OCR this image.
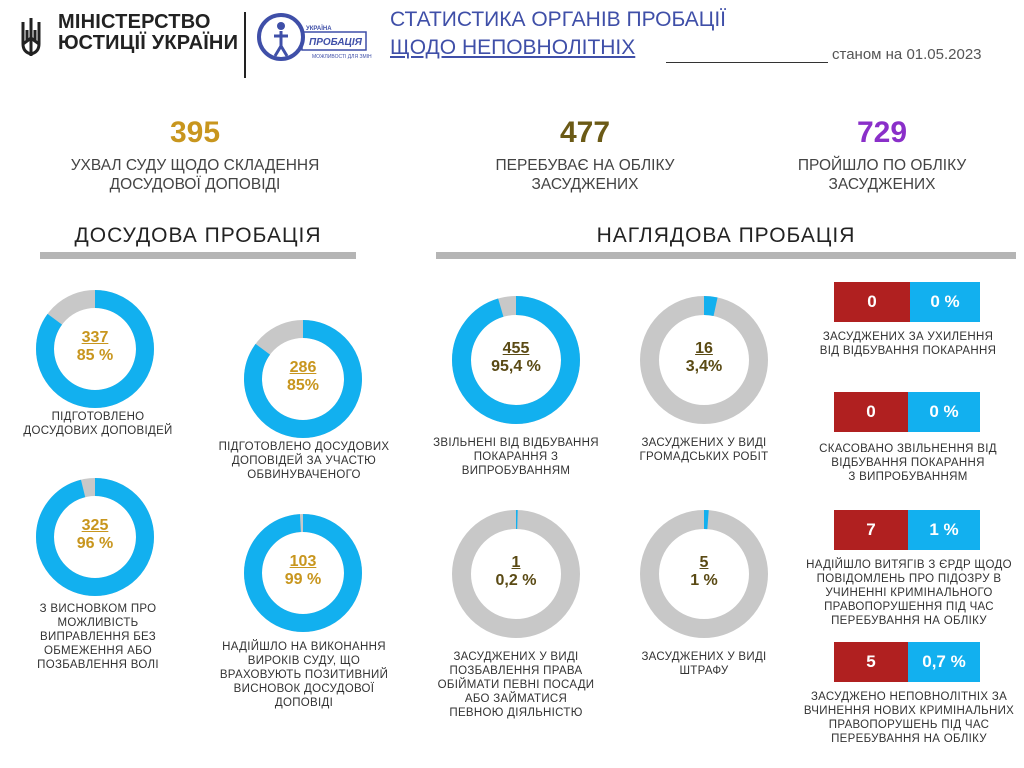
МІНІСТЕРСТВО
ЮСТИЦІЇ УКРАЇНИ
УКРАЇНА
ПРОБАЦІЯ
МОЖЛИВОСТІ ДЛЯ ЗМІН
СТАТИСТИКА ОРГАНІВ ПРОБАЦІЇ
ЩОДО НЕПОВНОЛІТНІХ	станом на 01.05.2023
395
УХВАЛ СУДУ ЩОДО СКЛАДЕННЯ
ДОСУДОВОЇ ДОПОВІДІ
477
ПЕРЕБУВАЄ НА ОБЛІКУ
ЗАСУДЖЕНИХ
729
ПРОЙШЛО ПО ОБЛІКУ
ЗАСУДЖЕНИХ
ДОСУДОВА ПРОБАЦІЯ	НАГЛЯДОВА ПРОБАЦІЯ
337
85 %
ПІДГОТОВЛЕНО
ДОСУДОВИХ ДОПОВІДЕЙ
286
85%
ПІДГОТОВЛЕНО ДОСУДОВИХ
ДОПОВІДЕЙ ЗА УЧАСТЮ
ОБВИНУВАЧЕНОГО
325
96 %
З ВИСНОВКОМ ПРО
МОЖЛИВІСТЬ
ВИПРАВЛЕННЯ БЕЗ
ОБМЕЖЕННЯ АБО
ПОЗБАВЛЕННЯ ВОЛІ
103
99 %
НАДІЙШЛО НА ВИКОНАННЯ
ВИРОКІВ СУДУ, ЩО
ВРАХОВУЮТЬ ПОЗИТИВНИЙ
ВИСНОВОК ДОСУДОВОЇ
ДОПОВІДІ
455
95,4 %
ЗВІЛЬНЕНІ ВІД ВІДБУВАННЯ
ПОКАРАННЯ З
ВИПРОБУВАННЯМ
16
3,4%
ЗАСУДЖЕНИХ У ВИДІ
ГРОМАДСЬКИХ РОБІТ
1
0,2 %
ЗАСУДЖЕНИХ У ВИДІ
ПОЗБАВЛЕННЯ ПРАВА
ОБІЙМАТИ ПЕВНІ ПОСАДИ
АБО ЗАЙМАТИСЯ
ПЕВНОЮ ДІЯЛЬНІСТЮ
5
1 %
ЗАСУДЖЕНИХ У ВИДІ
ШТРАФУ
0	0 %
ЗАСУДЖЕНИХ ЗА УХИЛЕННЯ
ВІД ВІДБУВАННЯ ПОКАРАННЯ
0	0 %
СКАСОВАНО ЗВІЛЬНЕННЯ ВІД
ВІДБУВАННЯ ПОКАРАННЯ
З ВИПРОБУВАННЯМ
7	1 %
НАДІЙШЛО ВИТЯГІВ З ЄРДР ЩОДО
ПОВІДОМЛЕНЬ ПРО ПІДОЗРУ В
УЧИНЕННІ КРИМІНАЛЬНОГО
ПРАВОПОРУШЕННЯ ПІД ЧАС
ПЕРЕБУВАННЯ НА ОБЛІКУ
5	0,7 %
ЗАСУДЖЕНО НЕПОВНОЛІТНІХ ЗА
ВЧИНЕННЯ НОВИХ КРИМІНАЛЬНИХ
ПРАВОПОРУШЕНЬ ПІД ЧАС
ПЕРЕБУВАННЯ НА ОБЛІКУ
